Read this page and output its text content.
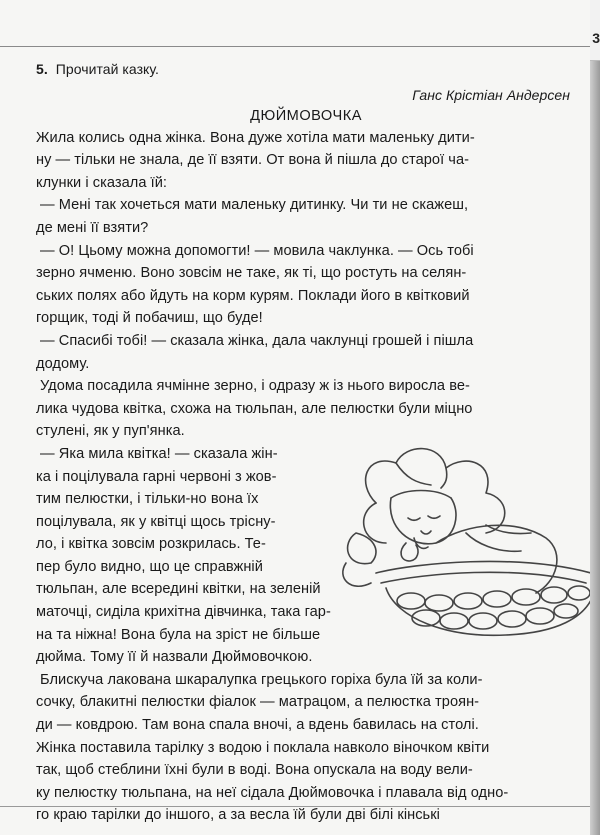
5. Прочитай казку.

Ганс Крістіан Андерсен

ДЮЙМОВОЧКА

Жила колись одна жінка. Вона дуже хотіла мати маленьку дити-
ну — тільки не знала, де її взяти. От вона й пішла до старої ча-
клунки і сказала їй:
— Мені так хочеться мати маленьку дитинку. Чи ти не скажеш,
де мені її взяти?
— О! Цьому можна допомогти! — мовила чаклунка. — Ось тобі
зерно ячменю. Воно зовсім не таке, як ті, що ростуть на селян-
ських полях або йдуть на корм курям. Поклади його в квітковий
горщик, тоді й побачиш, що буде!
— Спасибі тобі! — сказала жінка, дала чаклунці грошей і пішла
додому.
Удома посадила ячмінне зерно, і одразу ж із нього виросла ве-
лика чудова квітка, схожа на тюльпан, але пелюстки були міцно
стулені, як у пуп'янка.
— Яка мила квітка! — сказала жін-
ка і поцілувала гарні червоні з жов-
тим пелюстки, і тільки-но вона їх
поцілувала, як у квітці щось трісну-
ло, і квітка зовсім розкрилась. Те-
пер було видно, що це справжній
тюльпан, але всередині квітки, на зеленій
маточці, сиділа крихітна дівчинка, така гар-
на та ніжна! Вона була на зріст не більше
дюйма. Тому її й назвали Дюймовочкою.
Блискуча лакована шкаралупка грецького горіха була їй за коли-
сочку, блакитні пелюстки фіалок — матрацом, а пелюстка троян-
ди — ковдрою. Там вона спала вночі, а вдень бавилась на столі.
Жінка поставила тарілку з водою і поклала навколо віночком квіти
так, щоб стеблини їхні були в воді. Вона опускала на воду вели-
ку пелюстку тюльпана, на неї сідала Дюймовочка і плавала від одно-
го краю тарілки до іншого, а за весла їй були дві білі кінські
3
